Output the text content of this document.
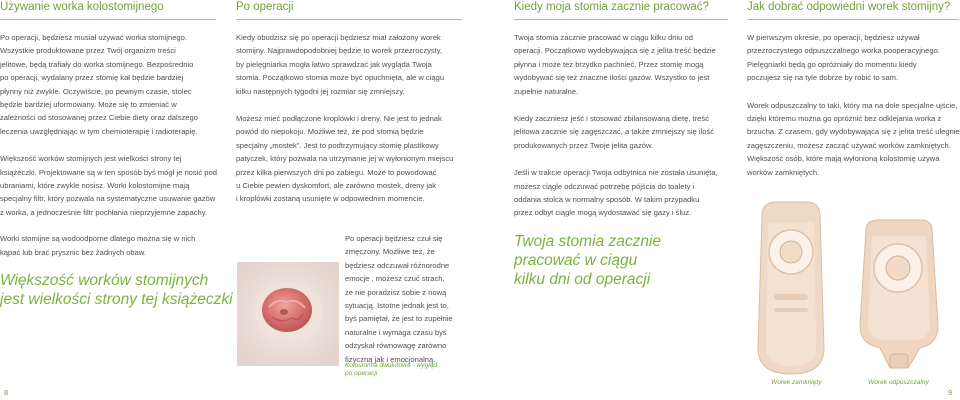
Używanie worka kolostomijnego

Po operacji, będziesz musiał używać worka stomijnego.

Wszystkie produktowane przez Twój organizm treści

jelitowe, będą trafiały do worka stomijnego. Bezpośrednio

po operacji, wydalany przez stomię kał będzie bardziej

płynny niż zwykle. Oczywiście, po pewnym czasie, stolec

będzie bardziej uformowany. Może się to zmieniać w

zależności od stosowanej przez Ciebie diety oraz dalszego

leczenia uwzględniając w tym chemioterapię i radioterapię.

Większość worków stomijnych jest wielkości strony tej

książeczki. Projektowane są w ten sposób byś mógł je nosić pod

ubraniami, które zwykle nosisz. Worki kolostomijne mają

specjalny filtr, który pozwala na systematyczne usuwanie gazów

z worka, a jednocześnie filtr pochłania nieprzyjemne zapachy.

Worki stomijne są wodoodporne dlatego można się w nich

kąpać lub brać prysznic bez żadnych obaw.

Większość worków stomijnych
jest wielkości strony tej książeczki
8
Po operacji

Kiedy obudzisz się po operacji będziesz miał założony worek

stomijny. Najprawdopodobniej będzie to worek przezroczysty,

by pielęgniarka mogła łatwo sprawdzać jak wygląda Twoja

stomia. Początkowo stomia może być opuchnięta, ale w ciągu

kilku następnych tygodni jej rozmiar się zmniejszy.

Możesz mieć podłączone kroplówki i dreny. Nie jest to jednak

powód do niepokoju. Możliwe też, że pod stomią będzie

specjalny „mostek". Jest to podtrzymujący stomię plastikowy

patyczek, który pozwala na utrzymanie jej w wyłonionym miejscu

przez kilka pierwszych dni po zabiegu. Może to powodować

u Ciebie pewien dyskomfort, ale zarówno mostek, dreny jak

i kroplówki zostaną usunięte w odpowiednim momencie.

Po operacji będziesz czuł się

zmęczony. Możliwe też, że

będziesz odczuwał różnorodne

emocje , możesz czuć strach,

że nie poradzisz sobie z nową

sytuacją. Istotne jednak jest to,

byś pamiętał, że jest to zupełnie

naturalne i wymaga czasu byś

odzyskał równowagę zarówno

fizyczną jak i emocjonalną.

Kolostomia dwulufowa - wygląd
po operacji
Kiedy moja stomia zacznie pracować?

Twoja stomia zacznie pracować w ciągu kilku dniu od

operacji. Początkowo wydobywająca się z jelita treść będzie

płynna i może też brzydko pachnieć. Przez stomię mogą

wydobywać się też znaczne ilości gazów. Wszystko to jest

zupełnie naturalne.

Kiedy zaczniesz jeść i stosować zbilansowaną dietę, treść

jelitowa zacznie się zagęszczać, a także zmniejszy się ilość

produkowanych przez Twoje jelita gazów.

Jeśli w trakcie operacji Twoja odbytnica nie została usunięta,

możesz ciągle odczuwać potrzebę pójścia do toalety i

oddania stolca w normalny sposób. W takim przypadku

przez odbyt ciągle mogą wydostawać się gazy i śluz.

Twoja stomia zacznie
pracować w ciągu
kilku dni od operacji
Jak dobrać odpowiedni worek stomijny?

W pierwszym okresie, po operacji, będziesz używał

przezroczystego odpuszczalnego worka pooperacyjnego.

Pielęgniarki będą go opróżniały do momentu kiedy

poczujesz się na tyle dobrze by robić to sam.

Worek odpuszczalny to taki, który ma na dole specjalne ujście,

dzięki któremu można go opróżnić bez odklejania worka z

brzucha. Z czasem, gdy wydobywająca się z jelita treść ulegnie

zagęszczeniu, możesz zacząć używać worków zamkniętych.

Większość osób, które mają wyłonioną kolostomię używa

worków zamkniętych.

Worek zamknięty	Worek odpuszczalny
9
